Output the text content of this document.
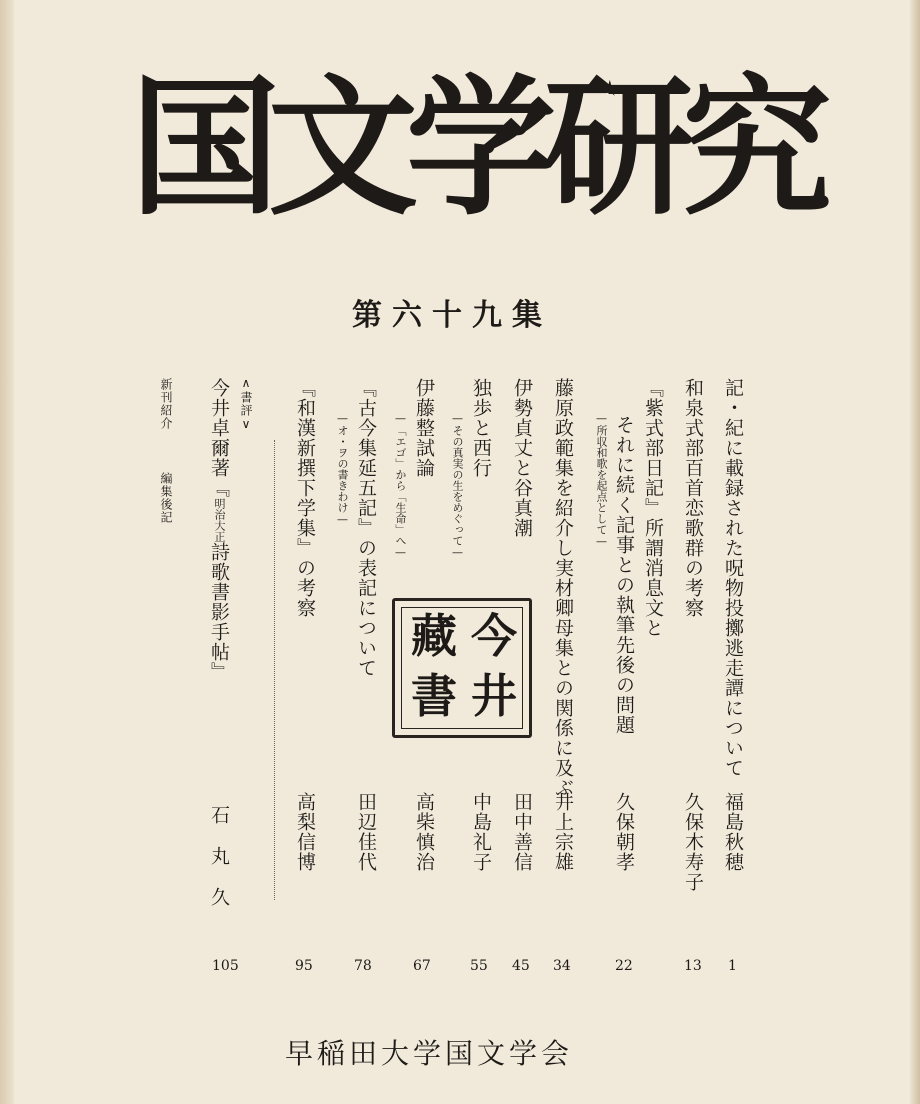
国
文
学
研
究
第六十九集
記・紀に載録された呪物投擲逃走譚について
福島秋穂
1
和泉式部百首恋歌群の考察
久保木寿子
13
『紫式部日記』所謂消息文と
それに続く記事との執筆先後の問題
—所収和歌を起点として—
久保朝孝
22
藤原政範集を紹介し実材卿母集との関係に及ぶ
井上宗雄
34
伊勢貞丈と谷真潮
田中善信
45
独歩と西行
—その真実の生をめぐって—
中島礼子
55
伊藤整試論
—「エゴ」から「生命」へ—
高柴慎治
67
『古今集延五記』の表記について
—オ・ヲの書きわけ—
田辺佳代
78
『和漢新撰下学集』の考察
高梨信博
95
∧書評∨
今井卓爾著『明治大正詩歌書影手帖』
石丸久
105
新刊紹介
編集後記
今
井
藏
書
早稲田大学国文学会
